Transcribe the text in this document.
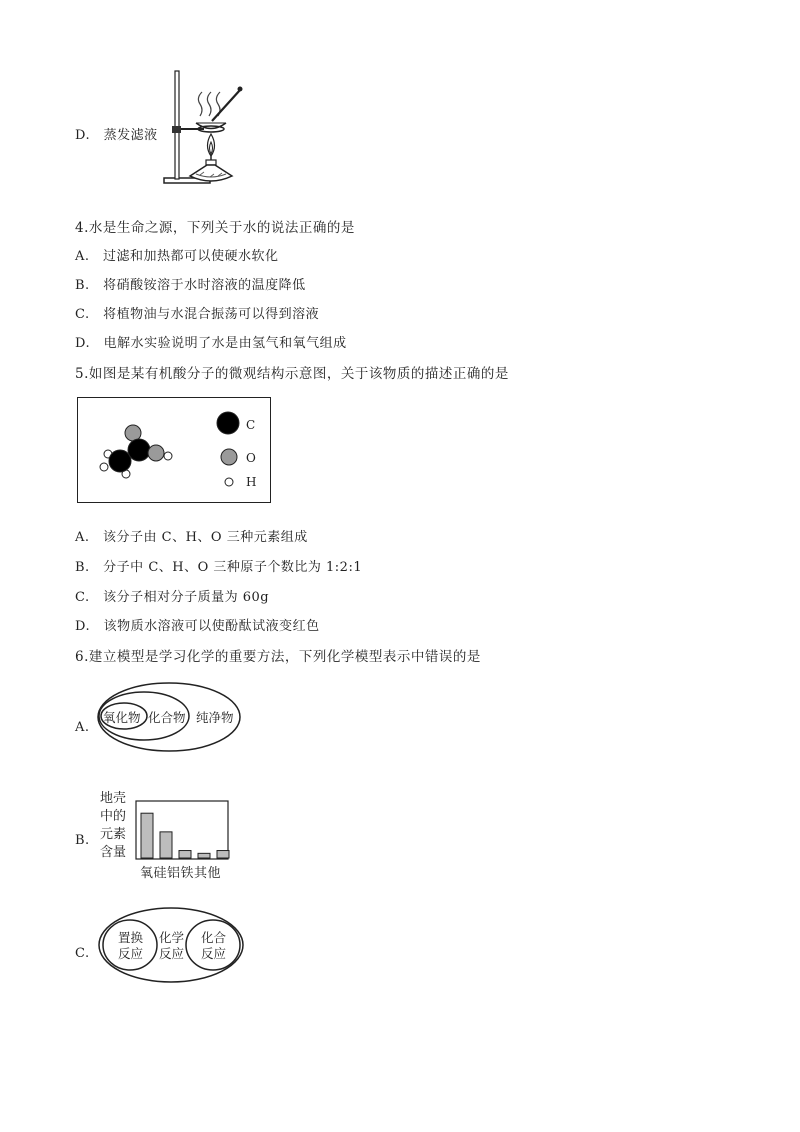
D.　蒸发滤液
4.水是生命之源，下列关于水的说法正确的是
A.　过滤和加热都可以使硬水软化
B.　将硝酸铵溶于水时溶液的温度降低
C.　将植物油与水混合振荡可以得到溶液
D.　电解水实验说明了水是由氢气和氧气组成
5.如图是某有机酸分子的微观结构示意图，关于该物质的描述正确的是
C
O
H
A.　该分子由 C、H、O 三种元素组成
B.　分子中 C、H、O 三种原子个数比为 1:2:1
C.　该分子相对分子质量为 60g
D.　该物质水溶液可以使酚酞试液变红色
6.建立模型是学习化学的重要方法，下列化学模型表示中错误的是
A.
氧化物 化合物 纯净物
B.
地壳
中的
元素
含量
氧硅铝铁其他
C.
置换
反应
化学
反应
化合
反应
